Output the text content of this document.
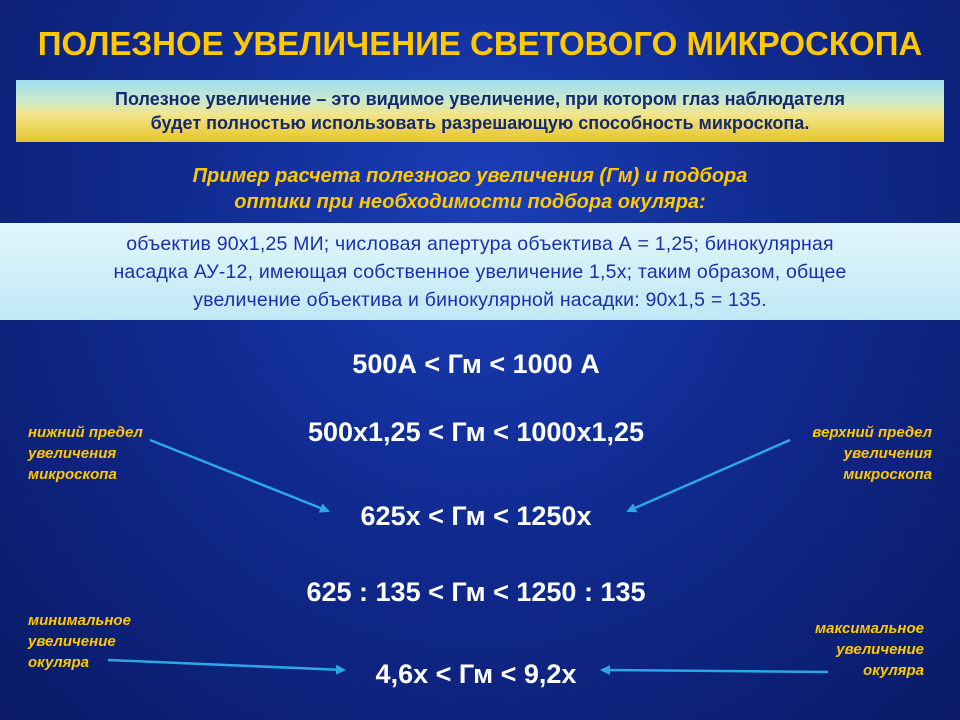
ПОЛЕЗНОЕ УВЕЛИЧЕНИЕ СВЕТОВОГО МИКРОСКОПА
Полезное увеличение – это видимое увеличение, при котором глаз наблюдателя
будет полностью использовать разрешающую способность микроскопа.
Пример расчета полезного увеличения (Гм) и подбора
оптики при необходимости подбора окуляра:
объектив 90х1,25 МИ; числовая апертура объектива А = 1,25; бинокулярная
насадка АУ-12, имеющая собственное увеличение 1,5х; таким образом, общее
увеличение объектива и бинокулярной насадки: 90х1,5 = 135.
500А < Гм < 1000 А
500х1,25 < Гм < 1000х1,25
625х < Гм < 1250х
625 : 135 < Гм < 1250 : 135
4,6х < Гм < 9,2х
нижний предел
увеличения
микроскопа
верхний предел
увеличения
микроскопа
минимальное
увеличение
окуляра
максимальное
увеличение
окуляра
